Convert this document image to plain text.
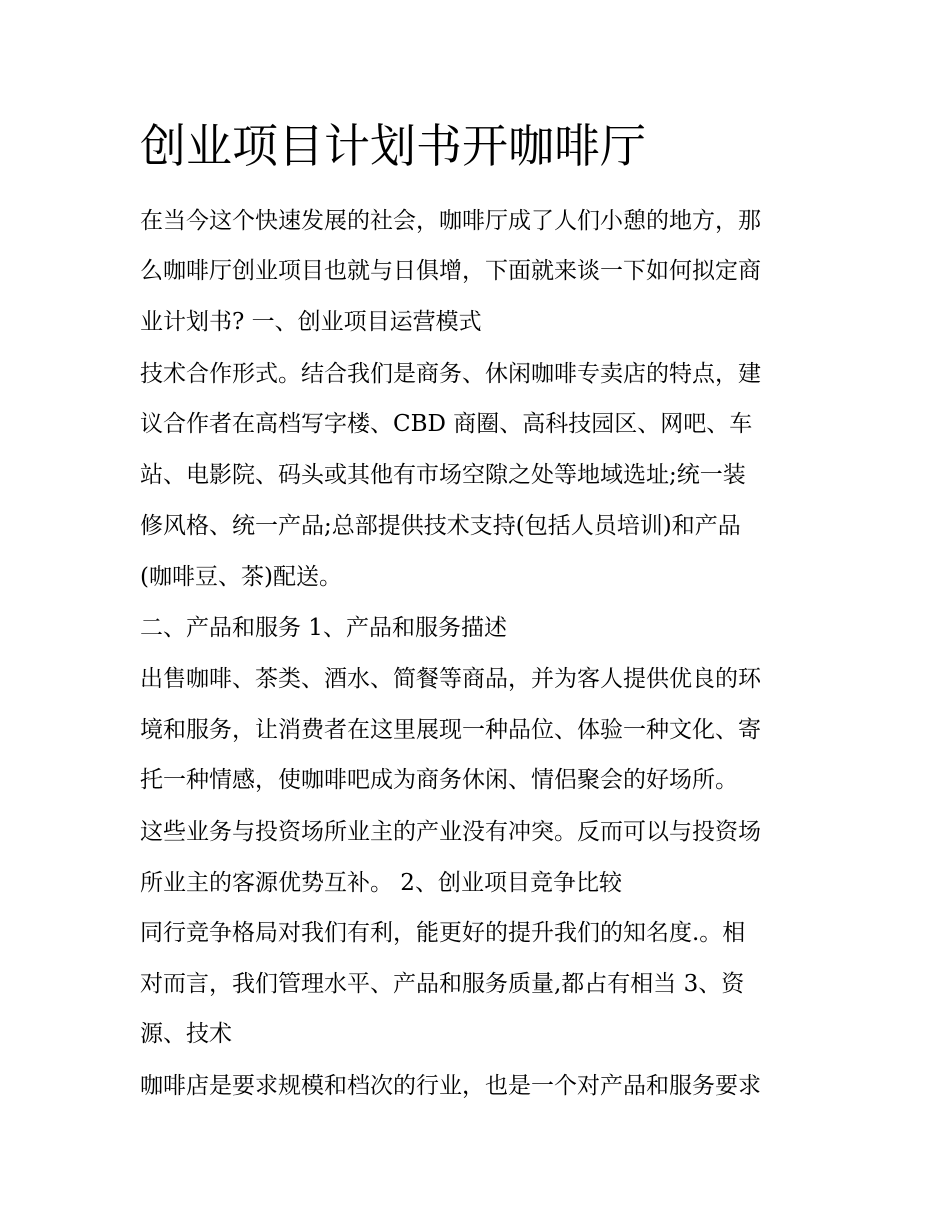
创业项目计划书开咖啡厅

在当今这个快速发展的社会，咖啡厅成了人们小憩的地方，那

么咖啡厅创业项目也就与日俱增，下面就来谈一下如何拟定商

业计划书? 一、创业项目运营模式

技术合作形式。结合我们是商务、休闲咖啡专卖店的特点，建

议合作者在高档写字楼、CBD 商圈、高科技园区、网吧、车

站、电影院、码头或其他有市场空隙之处等地域选址;统一装

修风格、统一产品;总部提供技术支持(包括人员培训)和产品

(咖啡豆、茶)配送。

二、产品和服务 1、产品和服务描述

出售咖啡、茶类、酒水、简餐等商品，并为客人提供优良的环

境和服务，让消费者在这里展现一种品位、体验一种文化、寄

托一种情感，使咖啡吧成为商务休闲、情侣聚会的好场所。

这些业务与投资场所业主的产业没有冲突。反而可以与投资场

所业主的客源优势互补。 2、创业项目竞争比较

同行竞争格局对我们有利，能更好的提升我们的知名度.。相

对而言，我们管理水平、产品和服务质量,都占有相当 3、资

源、技术

咖啡店是要求规模和档次的行业，也是一个对产品和服务要求
